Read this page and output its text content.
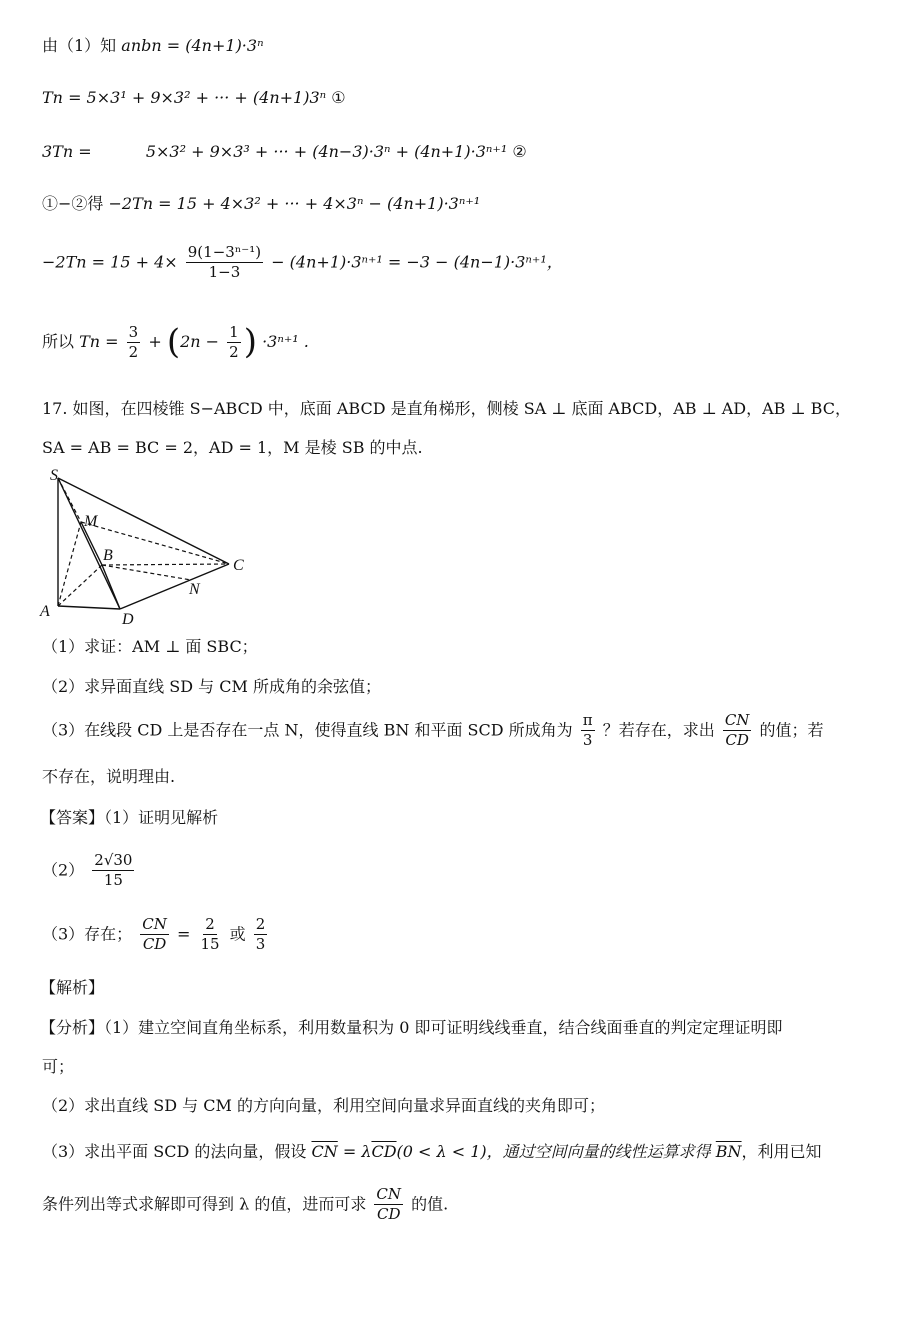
由（1）知 anbn = (4n+1)·3ⁿ
Tn = 5×3¹ + 9×3² + ··· + (4n+1)3ⁿ ①
3Tn =	5×3² + 9×3³ + ··· + (4n−3)·3ⁿ + (4n+1)·3ⁿ⁺¹ ②
①−②得 −2Tn = 15 + 4×3² + ··· + 4×3ⁿ − (4n+1)·3ⁿ⁺¹
$-2Tn = 15 + 4\times \frac{\text{9(1−3ⁿ⁻¹)}}{1-3} - (4n+1)\cdot 3^{n+1} = -3 - (4n-1)\cdot 3^{n+1}$，
所以 $Tn = \frac{3}{2} + (2n - \frac{1}{2}$ ) ·3ⁿ⁺¹ .
17. 如图，在四棱锥 S−ABCD 中，底面 ABCD 是直角梯形，侧棱 SA ⊥ 底面 ABCD，AB ⊥ AD，AB ⊥ BC，
SA = AB = BC = 2，AD = 1，M 是棱 SB 的中点.
S
M
B
C
N
A	D
（1）求证：AM ⊥ 面 SBC；
（2）求异面直线 SD 与 CM 所成角的余弦值；
（3）在线段 CD 上是否存在一点 N，使得直线 BN 和平面 SCD 所成角为 $\frac{\pi}{3}$ ？若存在，求出 $\frac{CN}{CD}$ 的值；若
不存在，说明理由.
【答案】（1）证明见解析
$(2) \frac{2√30}{15}$
（3）存在； $\frac{CN}{CD} = \frac{2}{15}$ 或 $\frac{2}{3}$
【解析】
【分析】（1）建立空间直角坐标系，利用数量积为 0 即可证明线线垂直，结合线面垂直的判定定理证明即
可；
（2）求出直线 SD 与 CM 的方向向量，利用空间向量求异面直线的夹角即可；
（3）求出平面 SCD 的法向量，假设 $\overline{CN} = \lambda\overline{CD}(0 < \lambda < 1)$，通过空间向量的线性运算求得 $\overline{BN}$，利用已知
条件列出等式求解即可得到 λ 的值，进而可求 $\frac{CN}{CD}$ 的值.
